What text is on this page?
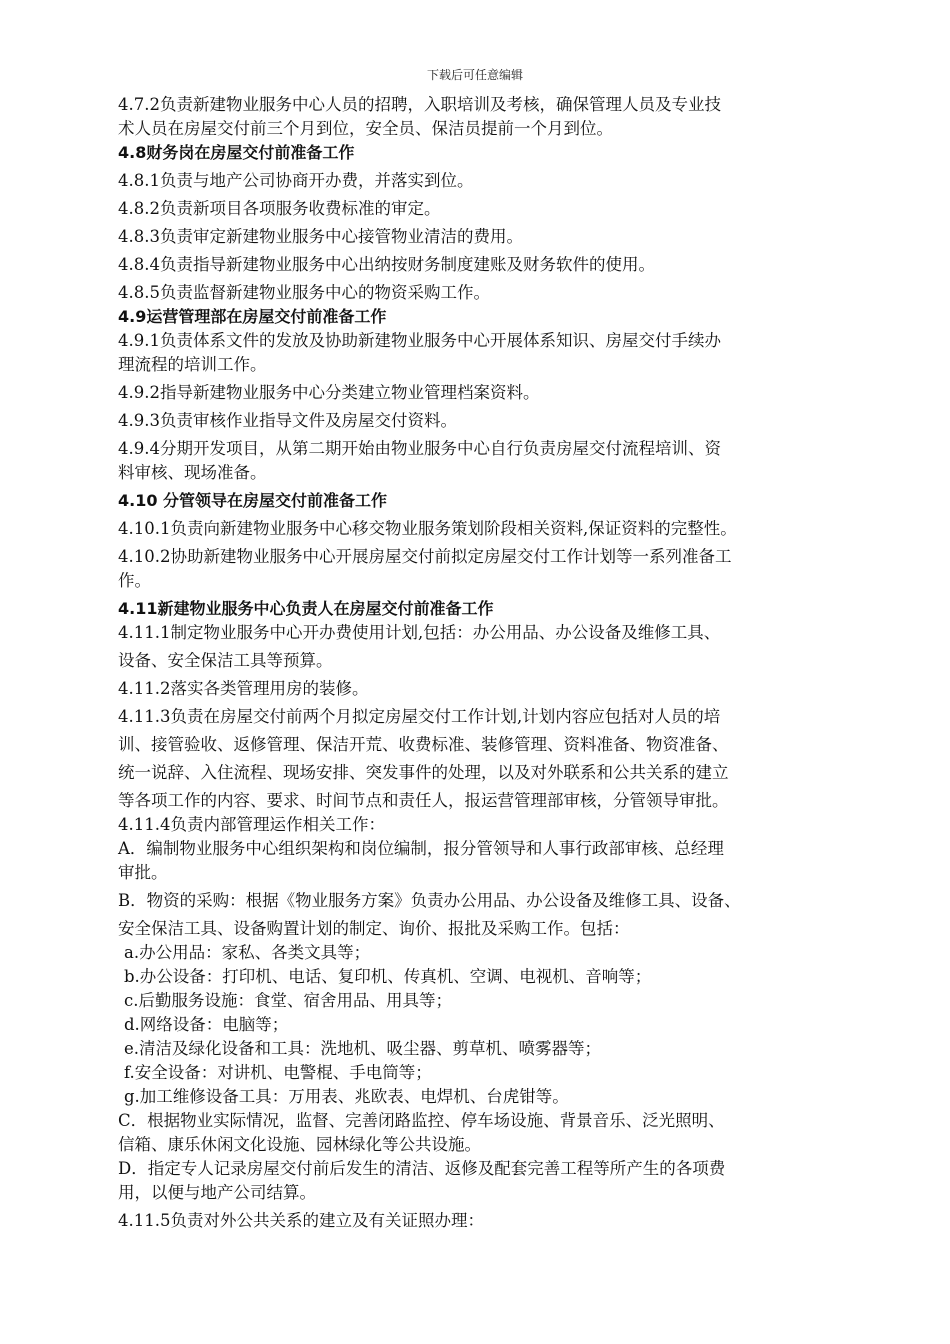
下载后可任意编辑
4.7.2负责新建物业服务中心人员的招聘，入职培训及考核，确保管理人员及专业技
术人员在房屋交付前三个月到位，安全员、保洁员提前一个月到位。
4.8财务岗在房屋交付前准备工作
4.8.1负责与地产公司协商开办费，并落实到位。
4.8.2负责新项目各项服务收费标准的审定。
4.8.3负责审定新建物业服务中心接管物业清洁的费用。
4.8.4负责指导新建物业服务中心出纳按财务制度建账及财务软件的使用。
4.8.5负责监督新建物业服务中心的物资采购工作。
4.9运营管理部在房屋交付前准备工作
4.9.1负责体系文件的发放及协助新建物业服务中心开展体系知识、房屋交付手续办
理流程的培训工作。
4.9.2指导新建物业服务中心分类建立物业管理档案资料。
4.9.3负责审核作业指导文件及房屋交付资料。
4.9.4分期开发项目，从第二期开始由物业服务中心自行负责房屋交付流程培训、资
料审核、现场准备。
4.10 分管领导在房屋交付前准备工作
4.10.1负责向新建物业服务中心移交物业服务策划阶段相关资料,保证资料的完整性。
4.10.2协助新建物业服务中心开展房屋交付前拟定房屋交付工作计划等一系列准备工
作。
4.11新建物业服务中心负责人在房屋交付前准备工作
4.11.1制定物业服务中心开办费使用计划,包括：办公用品、办公设备及维修工具、
设备、安全保洁工具等预算。
4.11.2落实各类管理用房的装修。
4.11.3负责在房屋交付前两个月拟定房屋交付工作计划,计划内容应包括对人员的培
训、接管验收、返修管理、保洁开荒、收费标准、装修管理、资料准备、物资准备、
统一说辞、入住流程、现场安排、突发事件的处理，以及对外联系和公共关系的建立
等各项工作的内容、要求、时间节点和责任人，报运营管理部审核，分管领导审批。
4.11.4负责内部管理运作相关工作：
A．编制物业服务中心组织架构和岗位编制，报分管领导和人事行政部审核、总经理
审批。
B．物资的采购：根据《物业服务方案》负责办公用品、办公设备及维修工具、设备、
安全保洁工具、设备购置计划的制定、询价、报批及采购工作。包括：
a.办公用品：家私、各类文具等；
b.办公设备：打印机、电话、复印机、传真机、空调、电视机、音响等；
c.后勤服务设施：食堂、宿舍用品、用具等；
d.网络设备：电脑等；
e.清洁及绿化设备和工具：洗地机、吸尘器、剪草机、喷雾器等；
f.安全设备：对讲机、电警棍、手电筒等；
g.加工维修设备工具：万用表、兆欧表、电焊机、台虎钳等。
C．根据物业实际情况，监督、完善闭路监控、停车场设施、背景音乐、泛光照明、
信箱、康乐休闲文化设施、园林绿化等公共设施。
D．指定专人记录房屋交付前后发生的清洁、返修及配套完善工程等所产生的各项费
用，以便与地产公司结算。
4.11.5负责对外公共关系的建立及有关证照办理：
